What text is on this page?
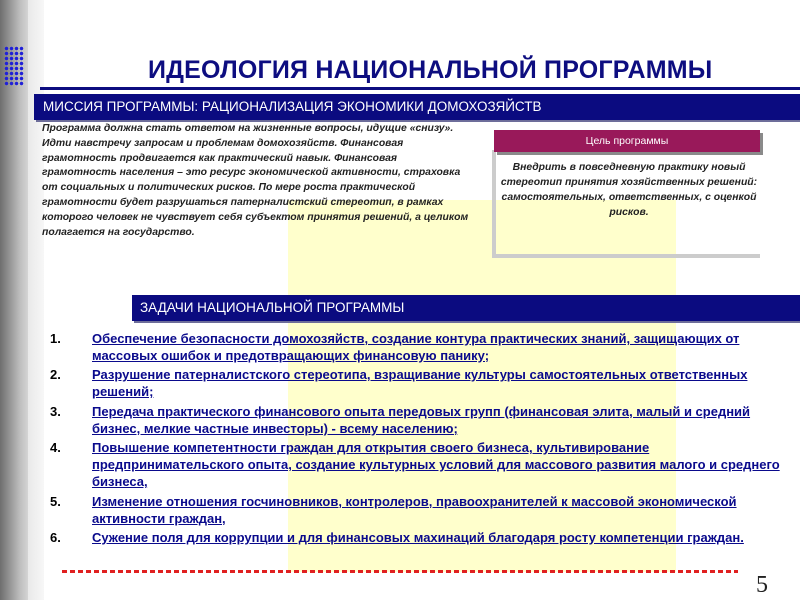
ИДЕОЛОГИЯ НАЦИОНАЛЬНОЙ ПРОГРАММЫ
МИССИЯ ПРОГРАММЫ: РАЦИОНАЛИЗАЦИЯ ЭКОНОМИКИ ДОМОХОЗЯЙСТВ
Программа должна стать ответом на жизненные вопросы, идущие «снизу». Идти навстречу запросам и проблемам домохозяйств. Финансовая грамотность продвигается как практический навык. Финансовая грамотность населения – это ресурс экономической активности, страховка от социальных и политических рисков. По мере роста практической грамотности будет разрушаться патерналистский стереотип, в рамках которого человек не чувствует себя субъектом принятия решений, а целиком полагается на государство.
Цель программы
Внедрить в повседневную практику новый стереотип принятия хозяйственных решений: самостоятельных, ответственных, с оценкой рисков.
ЗАДАЧИ НАЦИОНАЛЬНОЙ ПРОГРАММЫ
1.	Обеспечение безопасности домохозяйств, создание контура практических знаний, защищающих от массовых ошибок и предотвращающих финансовую панику;
2.	Разрушение патерналистского стереотипа, взращивание культуры самостоятельных ответственных решений;
3.	Передача практического финансового опыта передовых групп (финансовая элита, малый и средний бизнес, мелкие частные инвесторы) - всему населению;
4.	Повышение компетентности граждан для открытия своего бизнеса, культивирование предпринимательского опыта, создание культурных условий для массового развития малого и среднего бизнеса,
5.	Изменение отношения госчиновников, контролеров, правоохранителей к массовой экономической активности граждан,
6.	Сужение поля для коррупции и для финансовых махинаций благодаря росту компетенции граждан.
5
